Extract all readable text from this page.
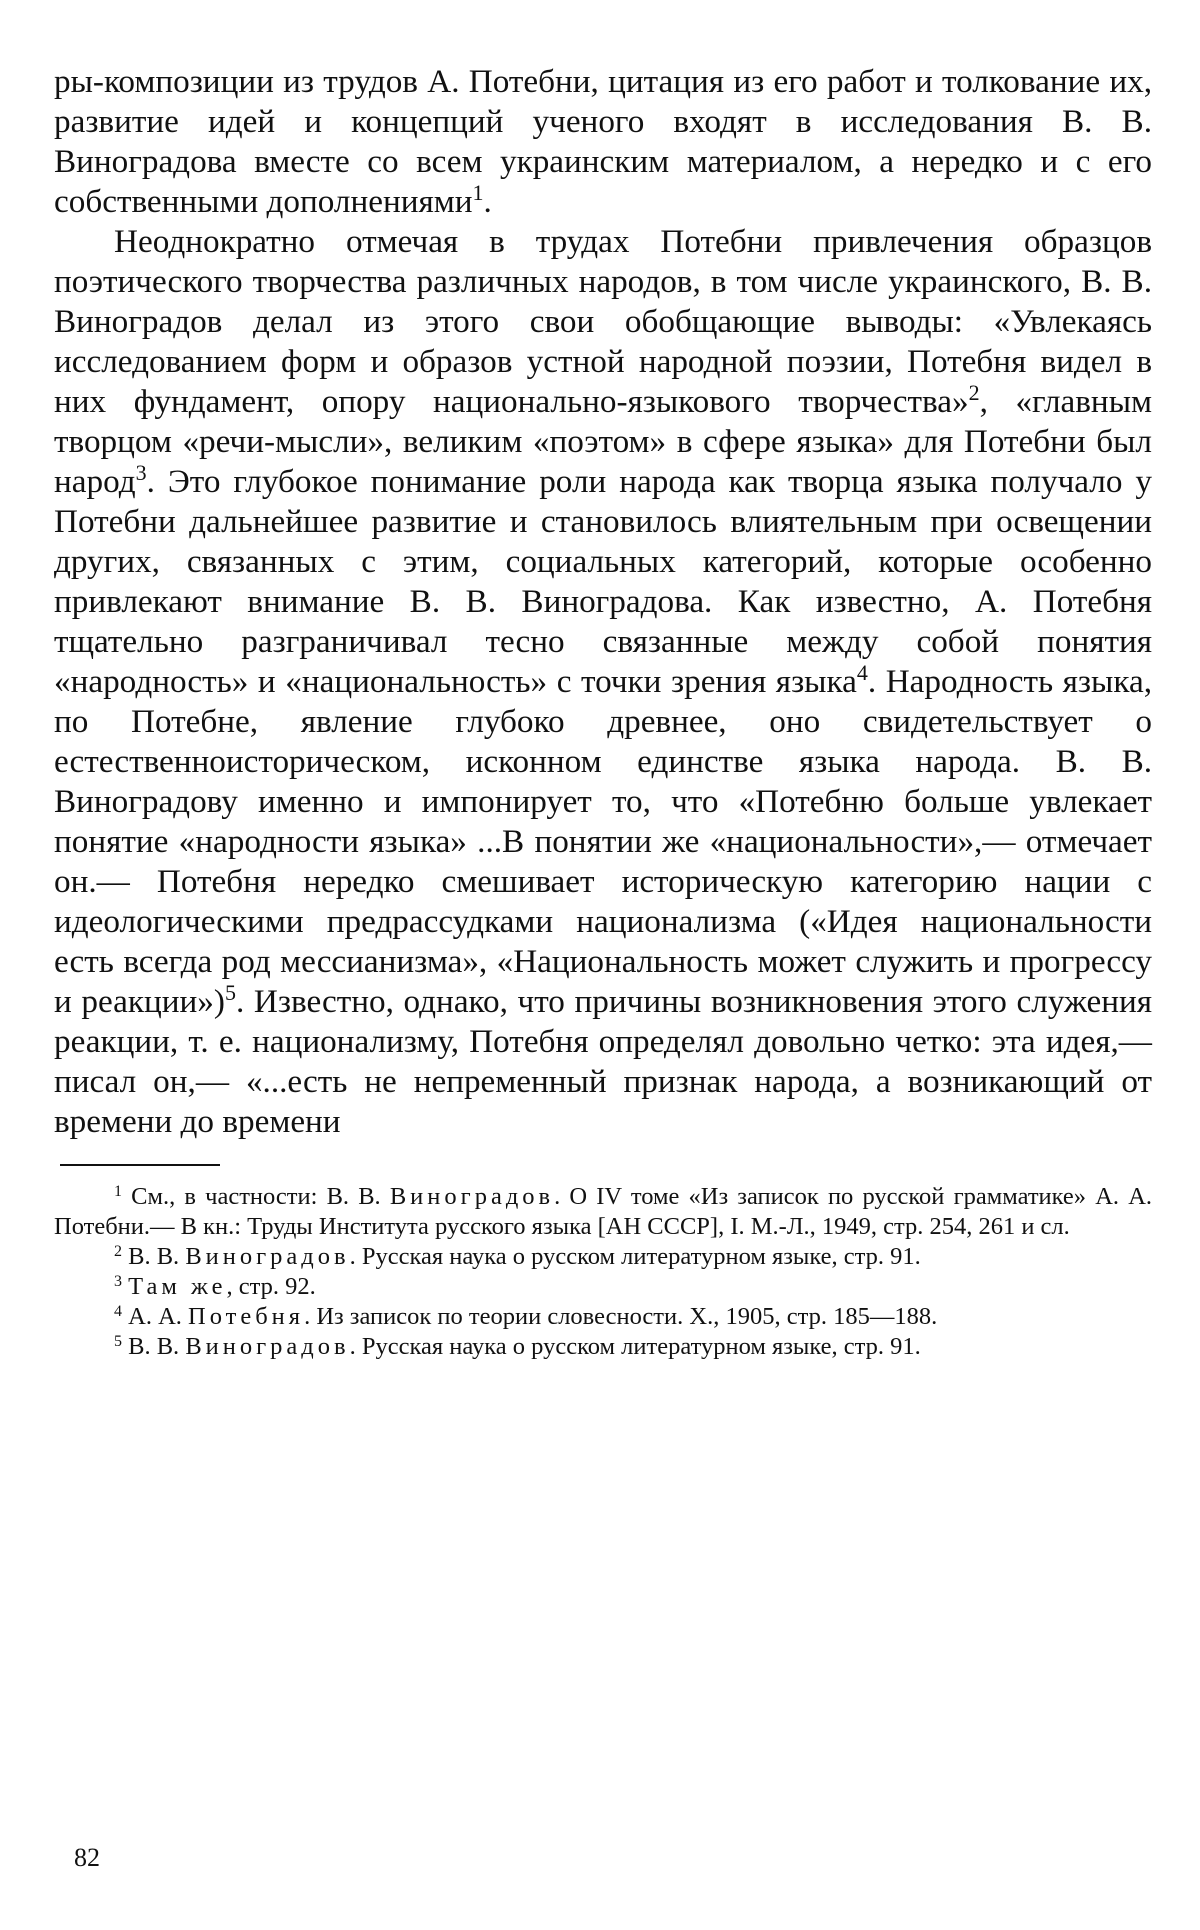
ры-композиции из трудов А. Потебни, цитация из его работ и толкование их, развитие идей и концепций ученого входят в исследования В. В. Виноградова вместе со всем украинским материалом, а нередко и с его собственными дополнениями$^1$.

Неоднократно отмечая в трудах Потебни привлечения образцов поэтического творчества различных народов, в том числе украинского, В. В. Виноградов делал из этого свои обобщающие выводы: «Увлекаясь исследованием форм и образов устной народной поэзии, Потебня видел в них фундамент, опору национально-языкового творчества»$^2$, «главным творцом «речи-мысли», великим «поэтом» в сфере языка» для Потебни был народ$^3$. Это глубокое понимание роли народа как творца языка получало у Потебни дальнейшее развитие и становилось влиятельным при освещении других, связанных с этим, социальных категорий, которые особенно привлекают внимание В. В. Виноградова. Как известно, А. Потебня тщательно разграничивал тесно связанные между собой понятия «народность» и «национальность» с точки зрения языка$^4$. Народность языка, по Потебне, явление глубоко древнее, оно свидетельствует о естественноисторическом, исконном единстве языка народа. В. В. Виноградову именно и импонирует то, что «Потебню больше увлекает понятие «народности языка» ...В понятии же «национальности»,— отмечает он.— Потебня нередко смешивает историческую категорию нации с идеологическими предрассудками национализма («Идея национальности есть всегда род мессианизма», «Национальность может служить и прогрессу и реакции»)$^5$. Известно, однако, что причины возникновения этого служения реакции, т. е. национализму, Потебня определял довольно четко: эта идея,— писал он,— «...есть не непременный признак народа, а возникающий от времени до времени

$^1$ См., в частности: В. В. Виноградов. О IV томе «Из записок по русской грамматике» А. А. Потебни.— В кн.: Труды Института русского языка [АН СССР], I. М.-Л., 1949, стр. 254, 261 и сл.

$^2$ В. В. Виноградов. Русская наука о русском литературном языке, стр. 91.

$^3$ Там же, стр. 92.

$^4$ А. А. Потебня. Из записок по теории словесности. Х., 1905, стр. 185—188.

$^5$ В. В. Виноградов. Русская наука о русском литературном языке, стр. 91.

82
